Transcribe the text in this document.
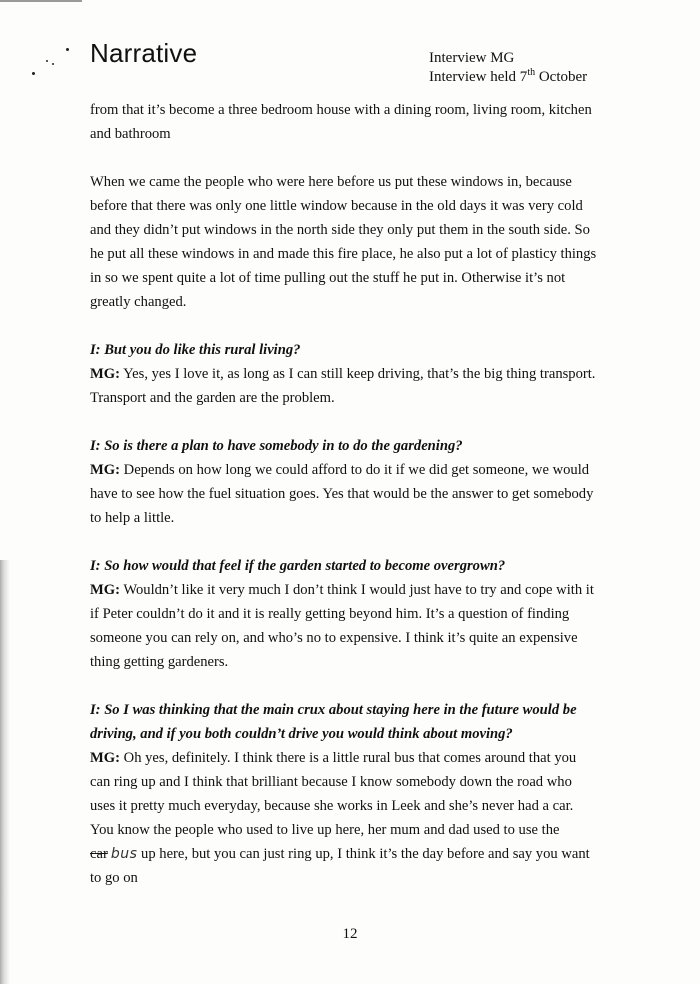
Narrative	Interview MG
Interview held 7th October

from that it’s become a three bedroom house with a dining room, living room, kitchen and bathroom

When we came the people who were here before us put these windows in, because before that there was only one little window because in the old days it was very cold and they didn’t put windows in the north side they only put them in the south side. So he put all these windows in and made this fire place, he also put a lot of plasticy things in so we spent quite a lot of time pulling out the stuff he put in. Otherwise it’s not greatly changed.

I: But you do like this rural living?

MG: Yes, yes I love it, as long as I can still keep driving, that’s the big thing transport. Transport and the garden are the problem.

I: So is there a plan to have somebody in to do the gardening?

MG: Depends on how long we could afford to do it if we did get someone, we would have to see how the fuel situation goes. Yes that would be the answer to get somebody to help a little.

I: So how would that feel if the garden started to become overgrown?

MG: Wouldn’t like it very much I don’t think I would just have to try and cope with it if Peter couldn’t do it and it is really getting beyond him. It’s a question of finding someone you can rely on, and who’s no to expensive. I think it’s quite an expensive thing getting gardeners.

I: So I was thinking that the main crux about staying here in the future would be driving, and if you both couldn’t drive you would think about moving?

MG: Oh yes, definitely. I think there is a little rural bus that comes around that you can ring up and I think that brilliant because I know somebody down the road who uses it pretty much everyday, because she works in Leek and she’s never had a car. You know the people who used to live up here, her mum and dad used to use the car bus up here, but you can just ring up, I think it’s the day before and say you want to go on

12
